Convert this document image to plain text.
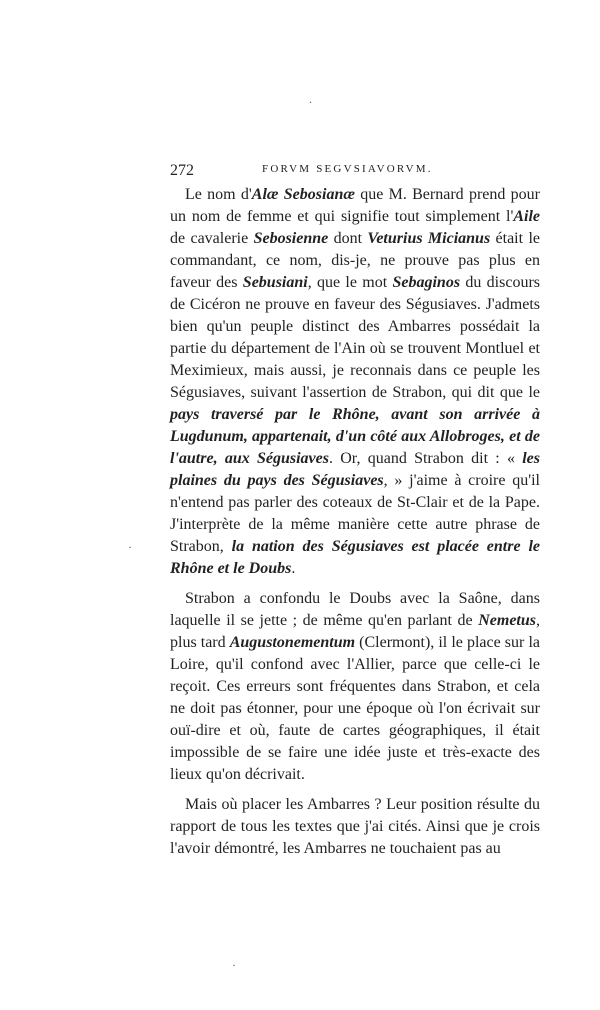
.
·
·
272	FORVM SEGVSIAVORVM.

Le nom d'Alæ Sebosianæ que M. Bernard prend pour un nom de femme et qui signifie tout simplement l'Aile de cavalerie Sebosienne dont Veturius Micianus était le commandant, ce nom, dis-je, ne prouve pas plus en faveur des Sebusiani, que le mot Sebaginos du discours de Cicéron ne prouve en faveur des Ségusiaves. J'admets bien qu'un peuple distinct des Ambarres possédait la partie du département de l'Ain où se trouvent Montluel et Meximieux, mais aussi, je reconnais dans ce peuple les Ségusiaves, suivant l'assertion de Strabon, qui dit que le pays traversé par le Rhône, avant son arrivée à Lugdunum, appartenait, d'un côté aux Allobroges, et de l'autre, aux Ségusiaves. Or, quand Strabon dit : « les plaines du pays des Ségusiaves, » j'aime à croire qu'il n'entend pas parler des coteaux de St-Clair et de la Pape. J'interprète de la même manière cette autre phrase de Strabon, la nation des Ségusiaves est placée entre le Rhône et le Doubs.

Strabon a confondu le Doubs avec la Saône, dans laquelle il se jette ; de même qu'en parlant de Nemetus, plus tard Augustonementum (Clermont), il le place sur la Loire, qu'il confond avec l'Allier, parce que celle-ci le reçoit. Ces erreurs sont fréquentes dans Strabon, et cela ne doit pas étonner, pour une époque où l'on écrivait sur ouï-dire et où, faute de cartes géographiques, il était impossible de se faire une idée juste et très-exacte des lieux qu'on décrivait.

Mais où placer les Ambarres ? Leur position résulte du rapport de tous les textes que j'ai cités. Ainsi que je crois l'avoir démontré, les Ambarres ne touchaient pas au
